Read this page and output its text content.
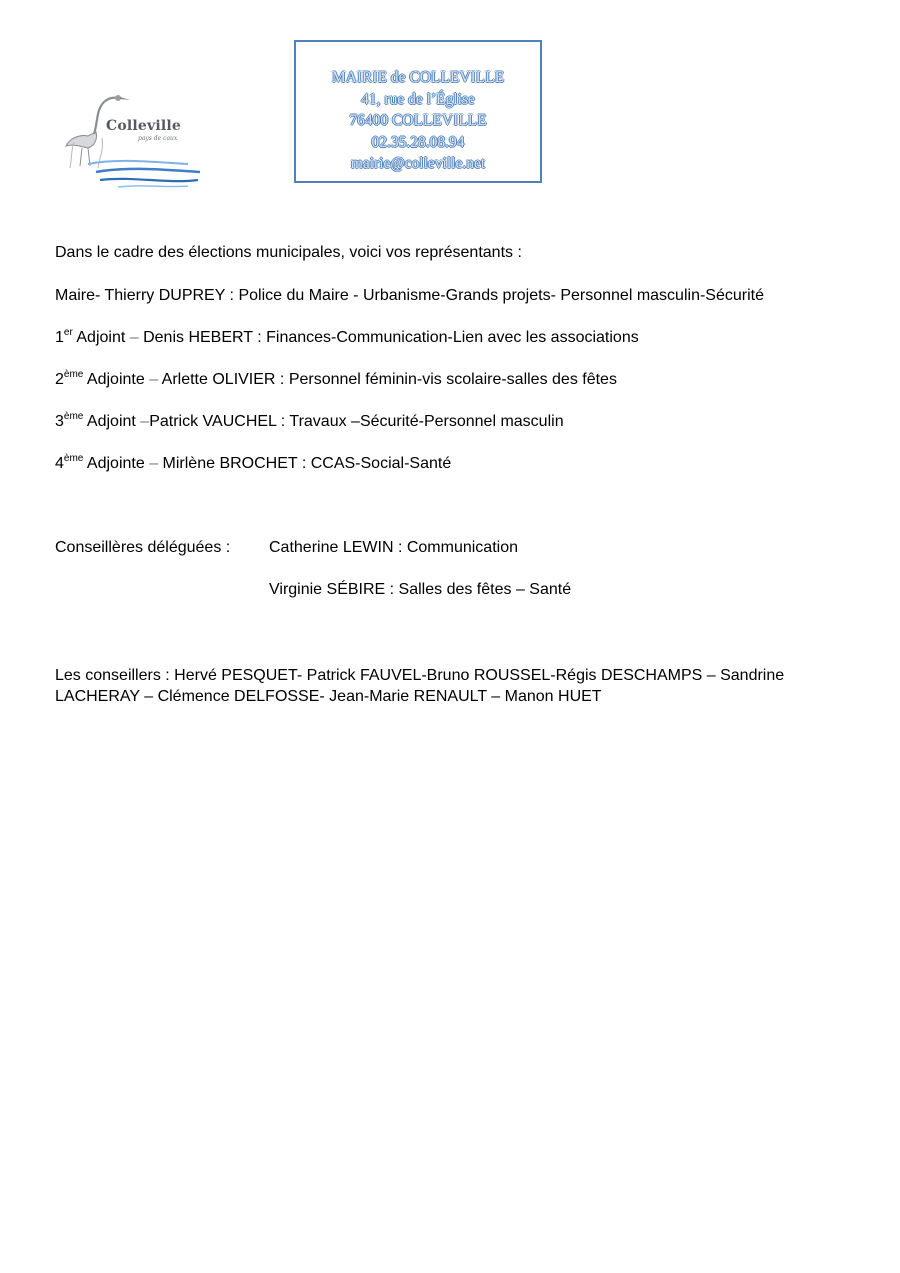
Colleville
pays de caux
MAIRIE de COLLEVILLE
41, rue de l’Église
76400 COLLEVILLE
02.35.28.08.94
mairie@colleville.net
Dans le cadre des élections municipales, voici vos représentants :
Maire- Thierry DUPREY : Police du Maire - Urbanisme-Grands projets- Personnel masculin-Sécurité
1er Adjoint – Denis HEBERT : Finances-Communication-Lien avec les associations
2ème Adjointe – Arlette OLIVIER : Personnel féminin-vis scolaire-salles des fêtes
3ème Adjoint –Patrick VAUCHEL : Travaux –Sécurité-Personnel masculin
4ème Adjointe – Mirlène BROCHET : CCAS-Social-Santé
Conseillères déléguées : Catherine LEWIN : Communication
Virginie SÉBIRE : Salles des fêtes – Santé
Les conseillers : Hervé PESQUET- Patrick FAUVEL-Bruno ROUSSEL-Régis DESCHAMPS – Sandrine LACHERAY – Clémence DELFOSSE- Jean-Marie RENAULT – Manon HUET
